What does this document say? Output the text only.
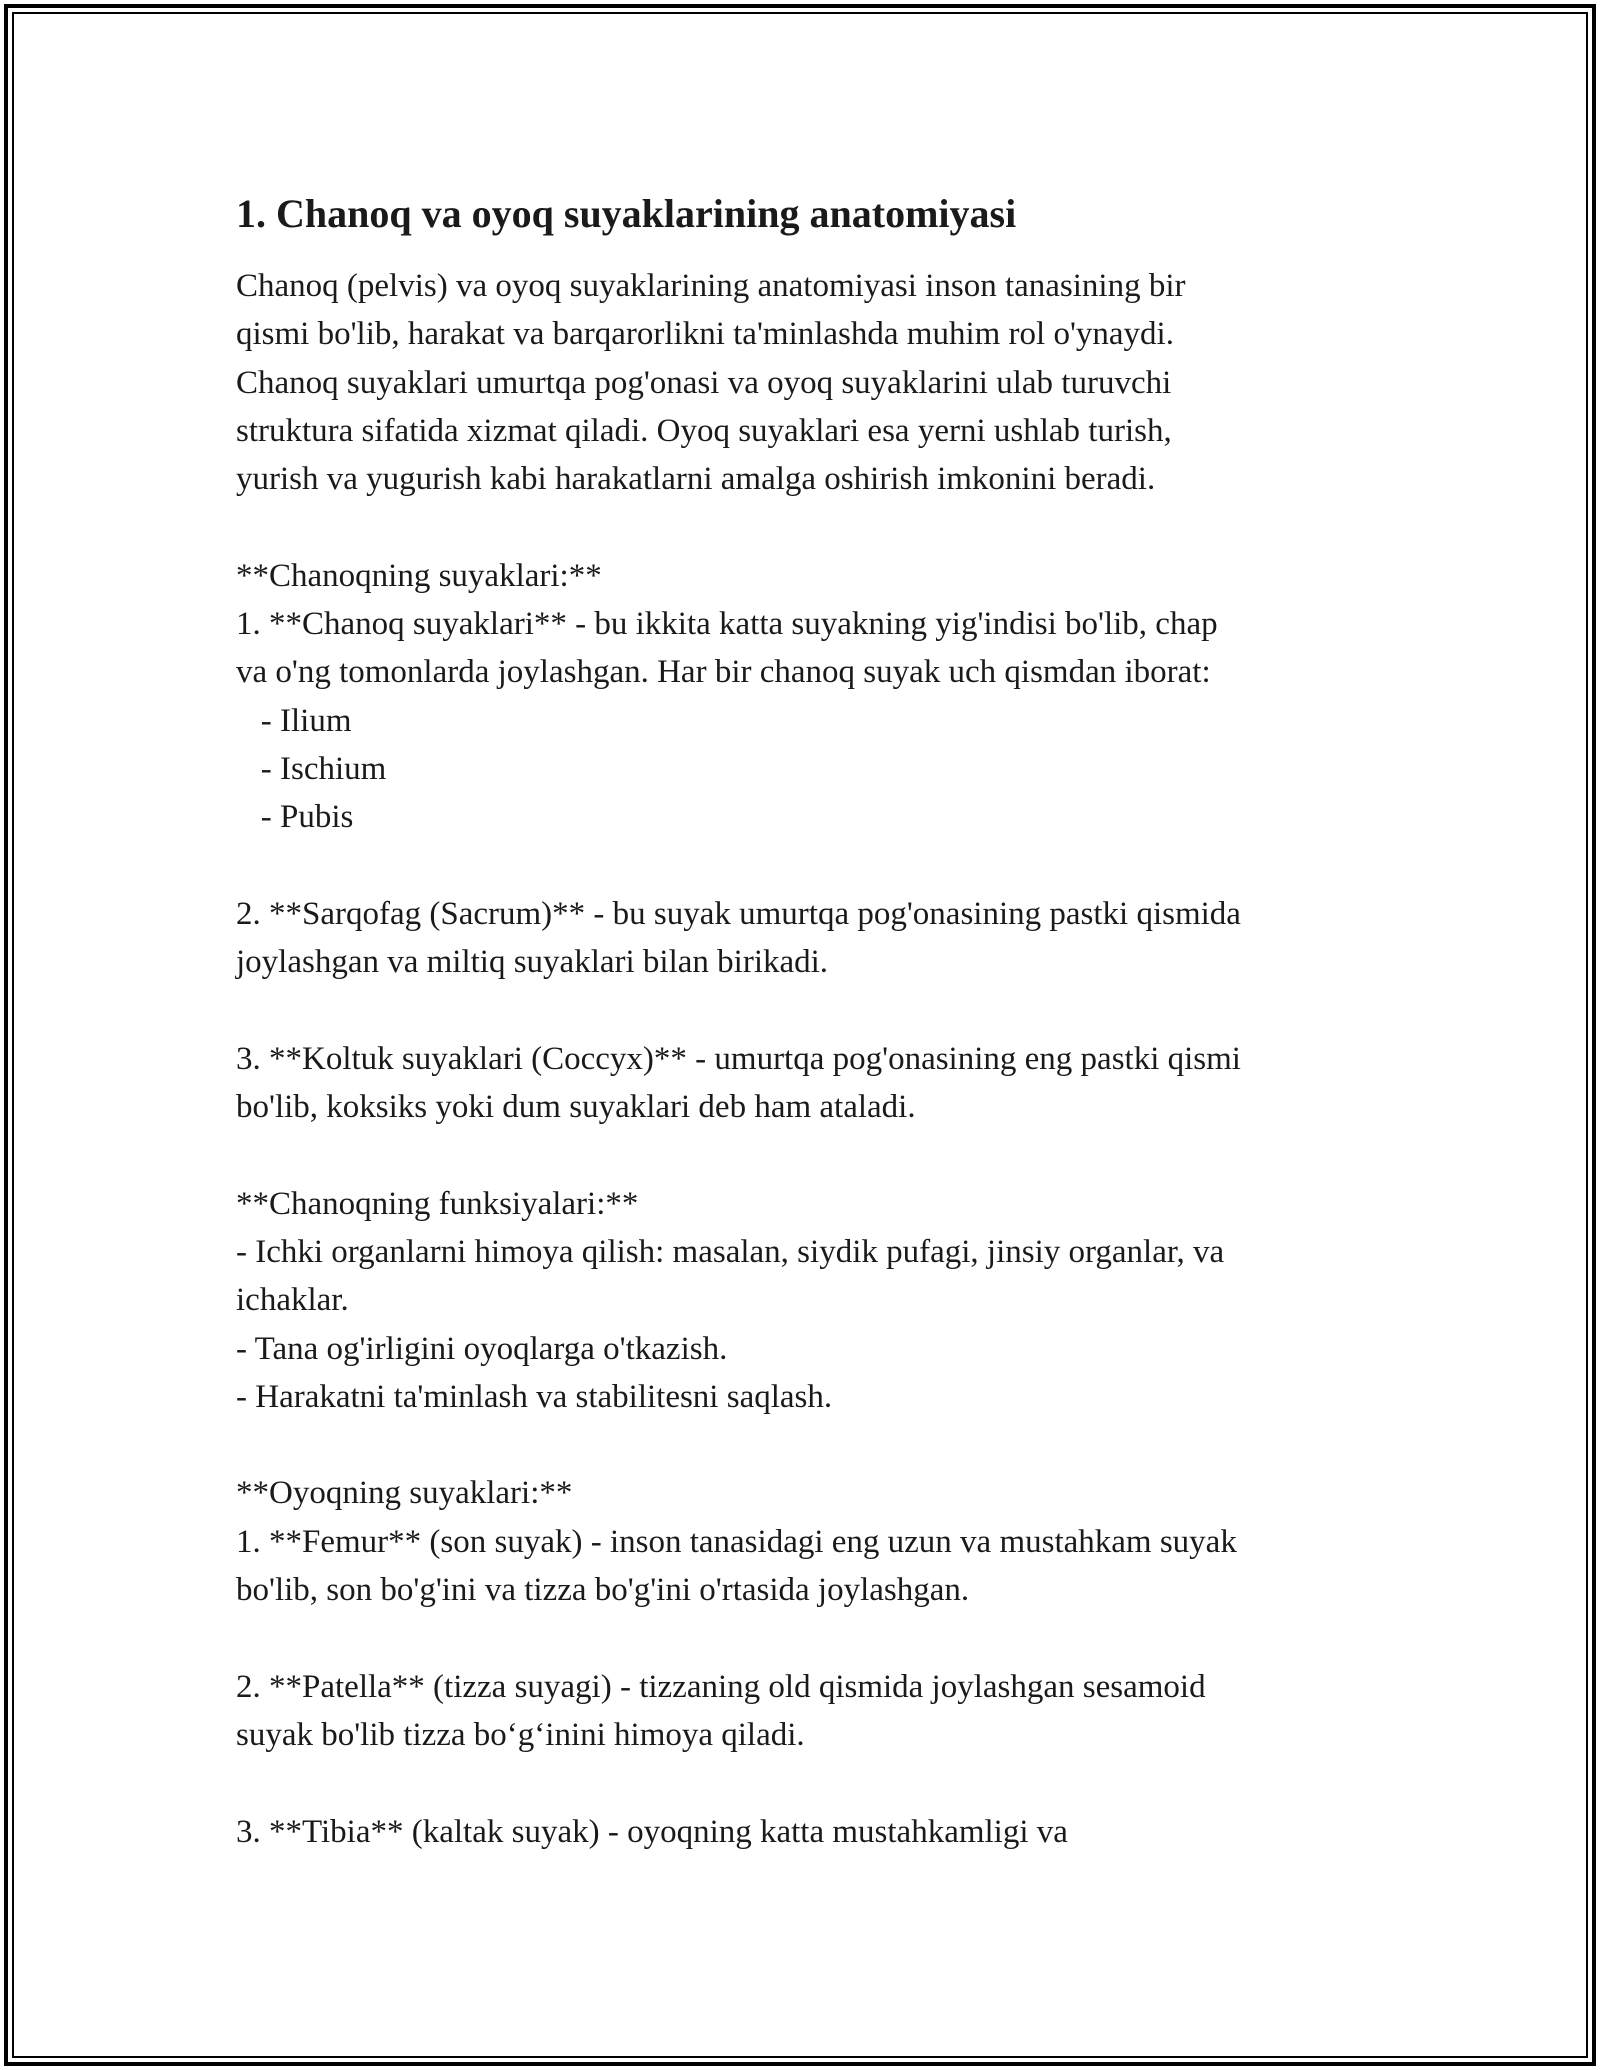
1. Chanoq va oyoq suyaklarining anatomiyasi
Chanoq (pelvis) va oyoq suyaklarining anatomiyasi inson tanasining bir
qismi bo'lib, harakat va barqarorlikni ta'minlashda muhim rol o'ynaydi.
Chanoq suyaklari umurtqa pog'onasi va oyoq suyaklarini ulab turuvchi
struktura sifatida xizmat qiladi. Oyoq suyaklari esa yerni ushlab turish,
yurish va yugurish kabi harakatlarni amalga oshirish imkonini beradi.
**Chanoqning suyaklari:**
1. **Chanoq suyaklari** - bu ikkita katta suyakning yig'indisi bo'lib, chap
va o'ng tomonlarda joylashgan. Har bir chanoq suyak uch qismdan iborat:
- Ilium
- Ischium
- Pubis
2. **Sarqofag (Sacrum)** - bu suyak umurtqa pog'onasining pastki qismida
joylashgan va miltiq suyaklari bilan birikadi.
3. **Koltuk suyaklari (Coccyx)** - umurtqa pog'onasining eng pastki qismi
bo'lib, koksiks yoki dum suyaklari deb ham ataladi.
**Chanoqning funksiyalari:**
- Ichki organlarni himoya qilish: masalan, siydik pufagi, jinsiy organlar, va
ichaklar.
- Tana og'irligini oyoqlarga o'tkazish.
- Harakatni ta'minlash va stabilitesni saqlash.
**Oyoqning suyaklari:**
1. **Femur** (son suyak) - inson tanasidagi eng uzun va mustahkam suyak
bo'lib, son bo'g'ini va tizza bo'g'ini o'rtasida joylashgan.
2. **Patella** (tizza suyagi) - tizzaning old qismida joylashgan sesamoid
suyak bo'lib tizza bo‘g‘inini himoya qiladi.
3. **Tibia** (kaltak suyak) - oyoqning katta mustahkamligi va
